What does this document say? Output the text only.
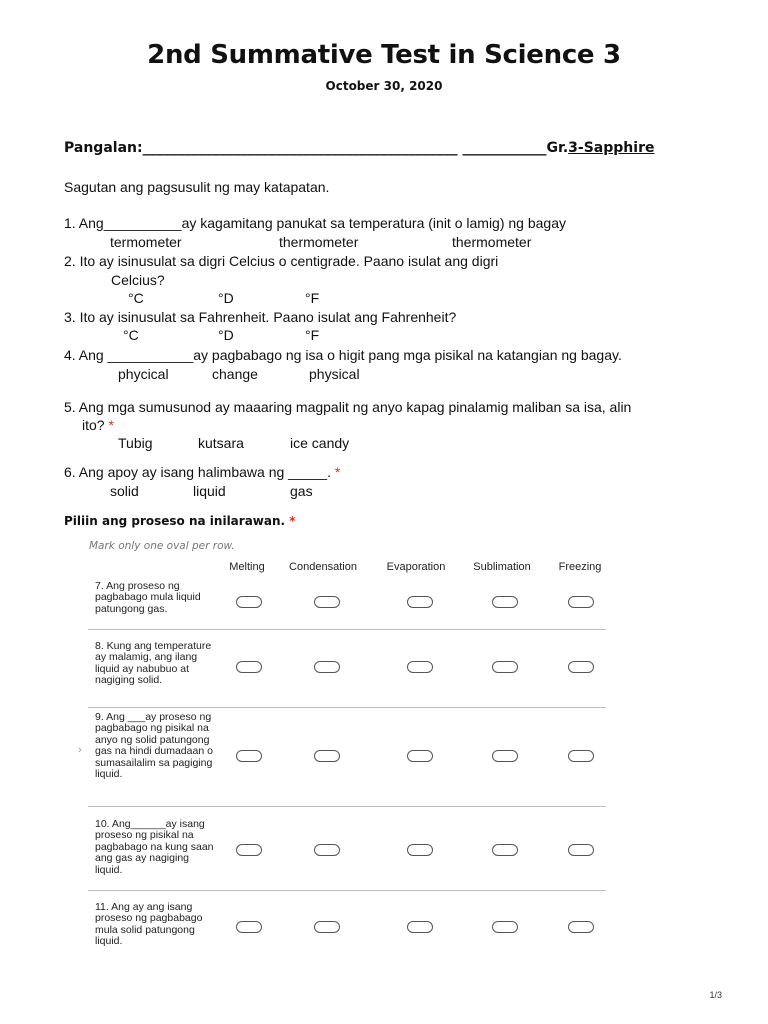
2nd Summative Test in Science 3
October 30, 2020
Pangalan:_____________________________________________ ____________Gr.3-Sapphire
Sagutan ang pagsusulit ng may katapatan.
1. Ang__________ay kagamitang panukat sa temperatura (init o lamig) ng bagay
termometer	thermometer	thermometer
2. Ito ay isinusulat sa digri Celcius o centigrade. Paano isulat ang digri
Celcius?
°C	°D	°F
3. Ito ay isinusulat sa Fahrenheit. Paano isulat ang Fahrenheit?
°C	°D	°F
4. Ang ___________ay pagbabago ng isa o higit pang mga pisikal na katangian ng bagay.
phycical	change	physical
5. Ang mga sumusunod ay maaaring magpalit ng anyo kapag pinalamig maliban sa isa, alin
ito? *
Tubig	kutsara	ice candy
6. Ang apoy ay isang halimbawa ng _____. *
solid	liquid	gas
Piliin ang proseso na inilarawan. *
Mark only one oval per row.
Melting Condensation	Evaporation	Sublimation	Freezing
7. Ang proseso ng pagbabago mula liquid patungong gas.
8. Kung ang temperature ay malamig, ang ilang liquid ay nabubuo at nagiging solid.
›
9. Ang ___ay proseso ng pagbabago ng pisikal na anyo ng solid patungong gas na hindi dumadaan o sumasailalim sa pagiging liquid.
10. Ang______ay isang proseso ng pisikal na pagbabago na kung saan ang gas ay nagiging liquid.
11. Ang ay ang isang proseso ng pagbabago mula solid patungong liquid.
1/3
